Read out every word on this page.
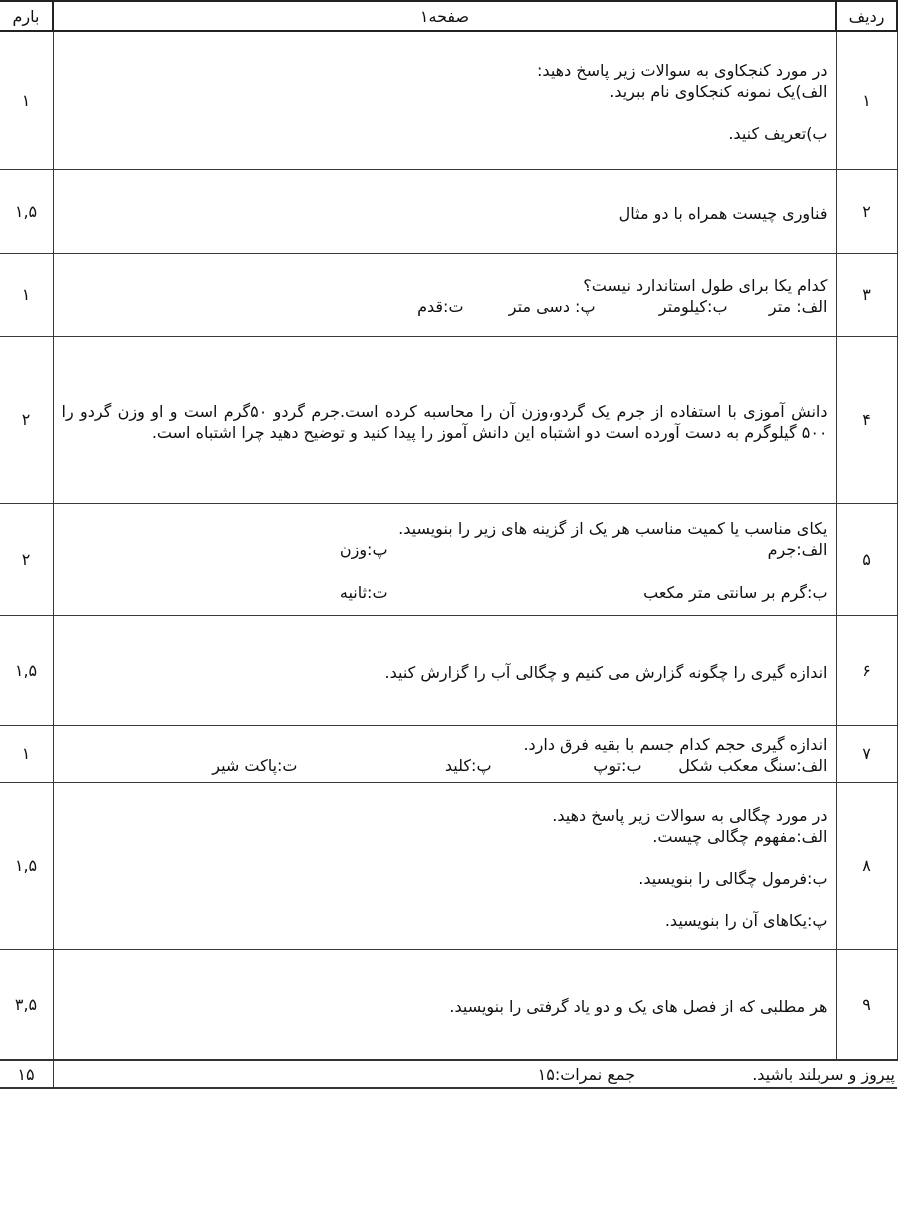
ردیف	صفحه۱	بارم
۱	در مورد کنجکاوی به سوالات زیر پاسخ دهید:
الف)یک نمونه کنجکاوی نام ببرید.
ب)تعریف کنید.	۱
۲	فناوری چیست همراه با دو مثال	۱,۵
۳	کدام یکا برای طول استاندارد نیست؟
الف: متر
ب:کیلومتر
پ: دسی متر
ت:قدم	۱
۴	دانش آموزی با استفاده از جرم یک گردو،وزن آن را محاسبه کرده است.جرم گردو ۵۰گرم است و او وزن گردو را ۵۰۰ گیلوگرم به دست آورده است دو اشتباه این دانش آموز را پیدا کنید و توضیح دهید چرا اشتباه است.	۲
۵	یکای مناسب یا کمیت مناسب هر یک از گزینه های زیر را بنویسید.
الف:جرم
پ:وزن
ب:گرم بر سانتی متر مکعب
ت:ثانیه	۲
۶	اندازه گیری را چگونه گزارش می کنیم و چگالی آب را گزارش کنید.	۱,۵
۷	اندازه گیری حجم کدام جسم با بقیه فرق دارد.
الف:سنگ معکب شکل
ب:توپ
پ:کلید
ت:پاکت شیر	۱
۸	در مورد چگالی به سوالات زیر پاسخ دهید.
الف:مفهوم چگالی چیست.
ب:فرمول چگالی را بنویسید.
پ:یکاهای آن را بنویسید.	۱,۵
۹	هر مطلبی که از فصل های یک و دو یاد گرفتی را بنویسید.	۳,۵

پیروز و سربلند باشید.
جمع نمرات:۱۵		۱۵
